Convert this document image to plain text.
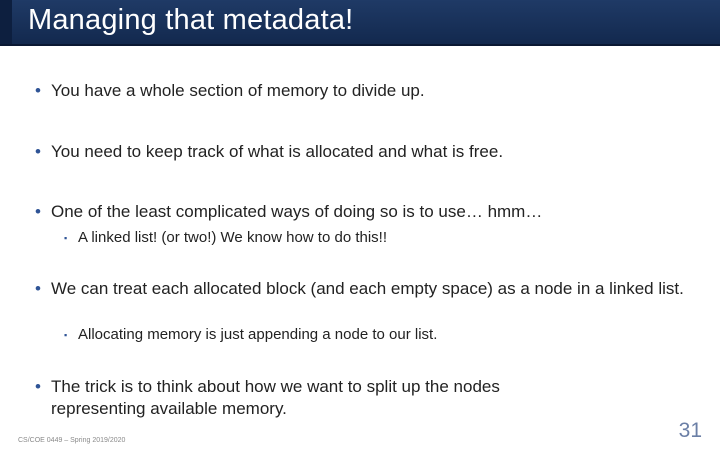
Managing that metadata!
• You have a whole section of memory to divide up.
• You need to keep track of what is allocated and what is free.
• One of the least complicated ways of doing so is to use… hmm…
▪ A linked list! (or two!) We know how to do this!!
• We can treat each allocated block (and each empty space) as a node in a linked list.
▪ Allocating memory is just appending a node to our list.
• The trick is to think about how we want to split up the nodes representing available memory.
CS/COE 0449 – Spring 2019/2020	31
